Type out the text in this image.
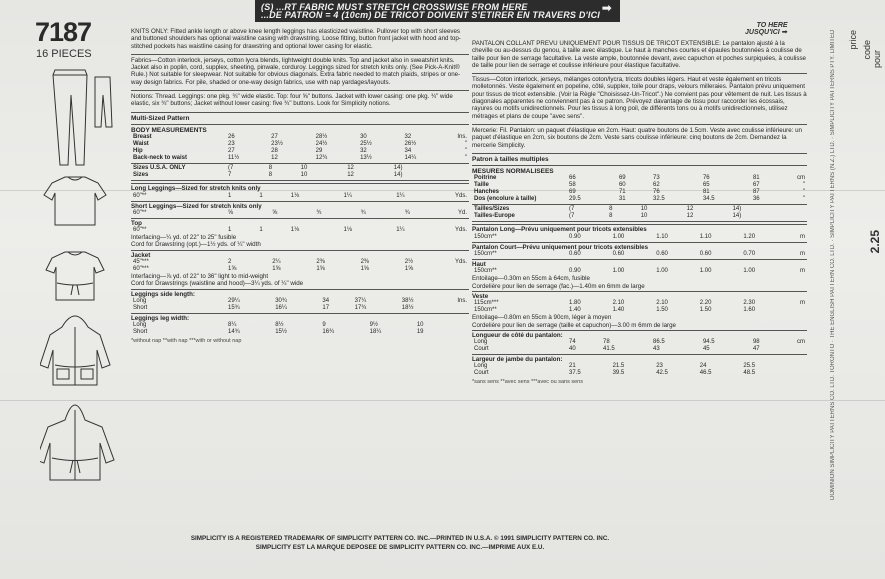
(S) ...RT FABRIC MUST STRETCH CROSSWISE FROM HERE
...DE PATRON = 4 (10cm) DE TRICOT DOIVENT S'ETIRER EN TRAVERS D'ICI ➡
TO HERE
JUSQU'ICI ➡
7187
16 PIECES
KNITS ONLY: Fitted ankle length or above knee length leggings has elasticized waistline. Pullover top with short sleeves and buttoned shoulders has optional waistline casing with drawstring. Loose fitting, button front jacket with hood and top-stitched pockets has waistline casing for drawstring and optional lower casing for elastic.
Fabrics—Cotton interlock, jerseys, cotton lycra blends, lightweight double knits. Top and jacket also in sweatshirt knits. Jacket also in poplin, cord, supplex, sheeting, pinwale, corduroy. Leggings sized for stretch knits only. (See Pick-A-Knit® Rule.) Not suitable for sleepwear. Not suitable for obvious diagonals. Extra fabric needed to match plaids, stripes or one-way design fabrics. For pile, shaded or one-way design fabrics, use with nap yardages/layouts.
Notions: Thread. Leggings: one pkg. ¾" wide elastic. Top: four ⅝" buttons. Jacket with lower casing: one pkg. ¾" wide elastic, six ¾" buttons; Jacket without lower casing: five ¾" buttons. Look for Simplicity notions.
Multi-Sized Pattern
BODY MEASUREMENTS
Breast	26	27	28½	30	32	Ins.
Waist	23	23½	24½	25½	26½	"
Hip	27	28	29	32	34	"
Back-neck to waist	11½	12	12¾	13½	14¼	"
Sizes U.S.A. ONLY	(7	8	10	12	14)	
Sizes	7	8	10	12	14)	
Long Leggings—Sized for stretch knits only
60"**	1	1	1⅛	1¼	1¼	Yds.
Short Leggings—Sized for stretch knits only
60"**	⅝	⅝	¾	¾	¾	Yd.
Top
60"**	1	1	1⅛	1⅛	1¼	Yds.
Interfacing—¼ yd. of 22" to 25" fusible
Cord for Drawstring (opt.)—1½ yds. of ¼" width
Jacket
45"***	2	2¼	2⅜	2⅜	2½	Yds.
60"***	1⅝	1⅝	1⅝	1⅝	1⅝	
Interfacing—⅞ yd. of 22" to 36" light to mid-weight
Cord for Drawstrings (waistline and hood)—3¼ yds. of ¼" wide
Leggings side length:
Long	29¼	30¾	34	37¼	38½	Ins.
Short	15¾	16¼	17	17¾	18½	
Leggings leg width:
Long	8¼	8½	9	9½	10	
Short	14¾	15½	16¾	18¼	19	
*without nap **with nap ***with or without nap
PANTALON COLLANT PREVU UNIQUEMENT POUR TISSUS DE TRICOT EXTENSIBLE: Le pantalon ajusté à la cheville ou au-dessus du genou, à taille avec élastique. Le haut à manches courtes et épaules boutonnées à coulisse de taille pour lien de serrage facultative. La veste ample, boutonnée devant, avec capuchon et poches surpiquées, à coulisse de taille pour lien de serrage et coulisse inférieure pour élastique facultative.
Tissus—Coton interlock, jerseys, mélanges coton/lycra, tricots doubles légers. Haut et veste également en tricots molletonnés. Veste également en popeline, côté, supplex, toile pour draps, velours milleraies. Pantalon prévu uniquement pour tissus de tricot extensible. (Voir la Règle "Choisissez-Un-Tricot".) Ne convient pas pour vêtement de nuit. Les tissus à diagonales apparentes ne conviennent pas à ce patron. Prévoyez davantage de tissu pour raccorder les écossais, rayures ou motifs unidirectionnels. Pour les tissus à long poil, de différents tons ou à motifs unidirectionnels, utilisez métrages et plans de coupe "avec sens".
Mercerie: Fil. Pantalon: un paquet d'élastique en 2cm. Haut: quatre boutons de 1.5cm. Veste avec coulisse inférieure: un paquet d'élastique en 2cm, six boutons de 2cm. Veste sans coulisse inférieure: cinq boutons de 2cm. Demandez la mercerie Simplicity.
Patron à tailles multiples
MESURES NORMALISEES
Poitrine	66	69	73	76	81	cm
Taille	58	60	62	65	67	"
Hanches	69	71	76	81	87	"
Dos (encolure à taille)	29.5	31	32.5	34.5	36	"
Tailles/Sizes	(7	8	10	12	14)	
Tailles-Europe	(7	8	10	12	14)	
Pantalon Long—Prévu uniquement pour tricots extensibles
150cm**	0.90	1.00	1.10	1.10	1.20	m
Pantalon Court—Prévu uniquement pour tricots extensibles
150cm**	0.60	0.60	0.60	0.60	0.70	m
Haut
150cm**	0.90	1.00	1.00	1.00	1.00	m
Entoilage—0.30m en 55cm à 64cm, fusible
Cordelière pour lien de serrage (fac.)—1.40m en 6mm de large
Veste
115cm***	1.80	2.10	2.10	2.20	2.30	m
150cm**	1.40	1.40	1.50	1.50	1.60	
Entoilage—0.80m en 55cm à 90cm, léger à moyen
Cordelière pour lien de serrage (taille et capuchon)—3.00 m 6mm de large
Longueur de côté du pantalon:
Long	74	78	86.5	94.5	98	cm
Court	40	41.5	43	45	47	
Largeur de jambe du pantalon:
Long	21	21.5	23	24	25.5	
Court	37.5	39.5	42.5	46.5	48.5	
*sans sens **avec sens ***avec ou sans sens
SIMPLICITY IS A REGISTERED TRADEMARK OF SIMPLICITY PATTERN CO. INC.—PRINTED IN U.S.A. © 1991 SIMPLICITY PATTERN CO. INC.
SIMPLICITY EST LA MARQUE DEPOSEE DE SIMPLICITY PATTERN CO. INC.—IMPRIME AUX E.U.
DOMINION SIMPLICITY PATTERNS CO. LTD. TORONTO · THE ENGLISH PATTERN CO. LTD. · SIMPLICITY PATTERNS (N.Z.) LTD. · SIMPLICITY PATTERNS PTY. LIMITED	price
code pour
2.25
